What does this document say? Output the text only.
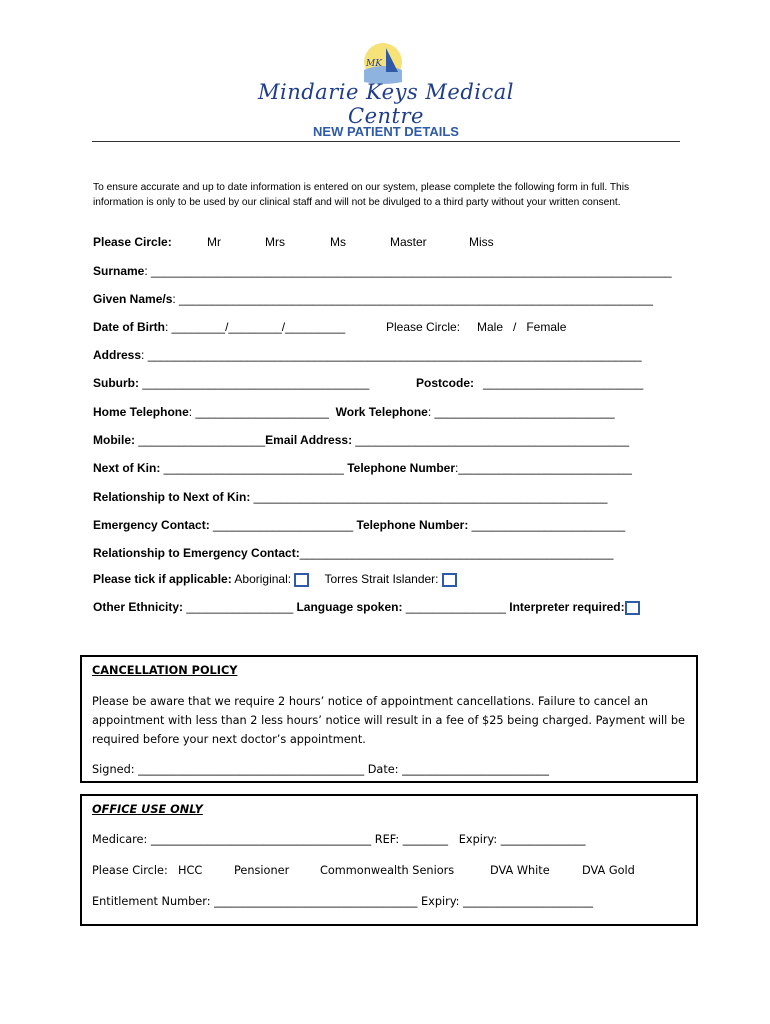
MK
Mindarie Keys Medical Centre
NEW PATIENT DETAILS
To ensure accurate and up to date information is entered on our system, please complete the following form in full. This information is only to be used by our clinical staff and will not be divulged to a third party without your written consent.
Please Circle:	Mr	Mrs	Ms	Master	Miss
Surname: ______________________________________________________________________________
Given Name/s: _______________________________________________________________________
Date of Birth: ________/________/_________	Please Circle: Male   /   Female
Address: __________________________________________________________________________
Suburb: __________________________________	Postcode: ________________________
Home Telephone: ____________________  Work Telephone: ___________________________
Mobile: ___________________Email Address: _________________________________________
Next of Kin: ___________________________ Telephone Number:__________________________
Relationship to Next of Kin: _____________________________________________________
Emergency Contact: _____________________ Telephone Number: _______________________
Relationship to Emergency Contact:_______________________________________________
Please tick if applicable: Aboriginal:	Torres Strait Islander:
Other Ethnicity: ________________ Language spoken: _______________ Interpreter required:
CANCELLATION POLICY
Please be aware that we require 2 hours’ notice of appointment cancellations. Failure to cancel an appointment with less than 2 less hours’ notice will result in a fee of $25 being charged. Payment will be required before your next doctor’s appointment.
Signed: ________________________________________ Date: __________________________
OFFICE USE ONLY
Medicare: _______________________________________ REF: ________   Expiry: _______________
Please Circle: HCC	Pensioner	Commonwealth Seniors	DVA White	DVA Gold
Entitlement Number: ____________________________________ Expiry: _______________________
